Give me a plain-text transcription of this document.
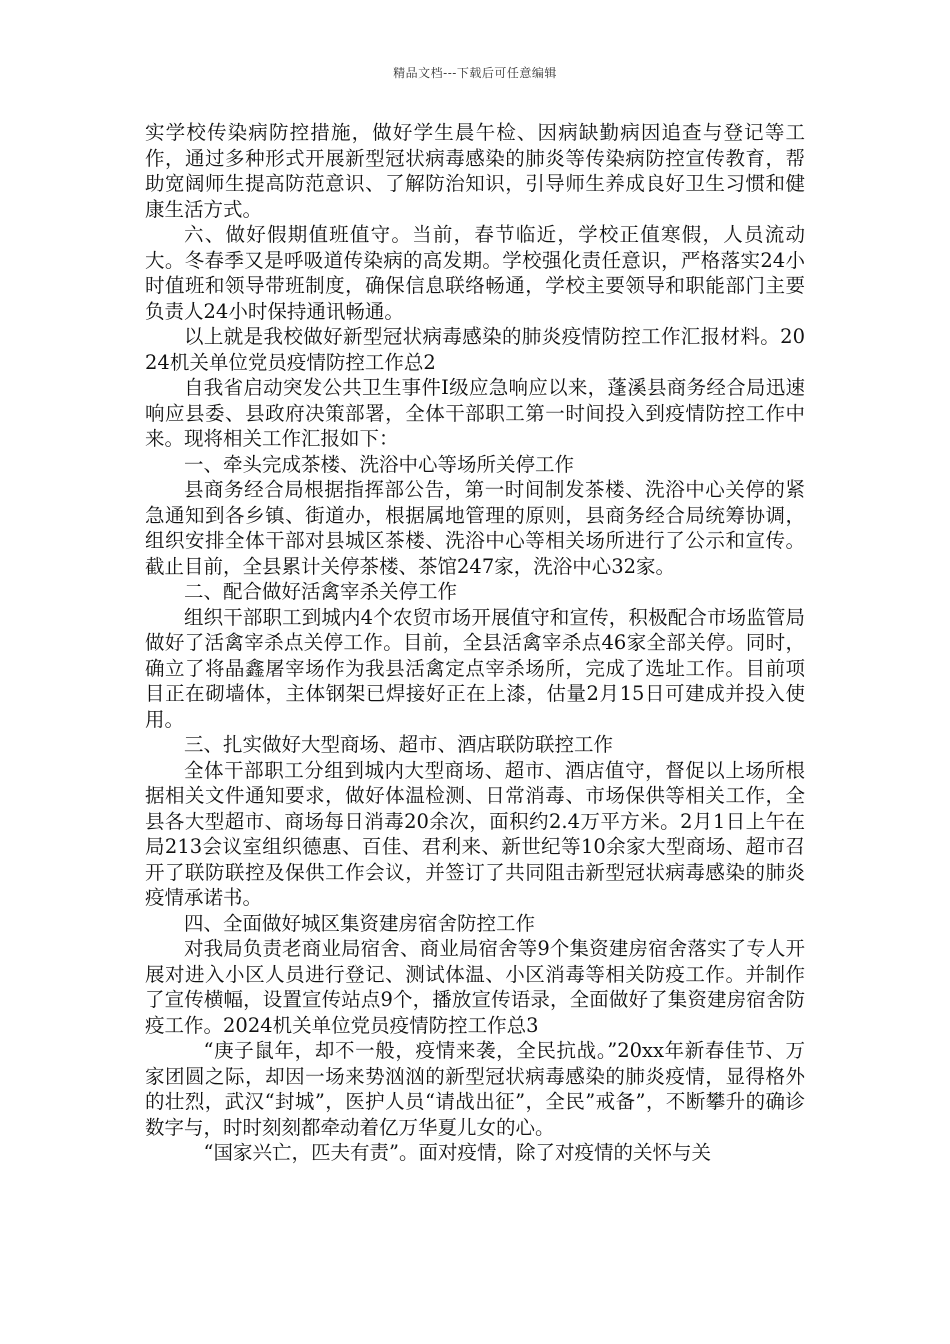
精品文档---下载后可任意编辑

实学校传染病防控措施，做好学生晨午检、因病缺勤病因追查与登记等工作，通过多种形式开展新型冠状病毒感染的肺炎等传染病防控宣传教育，帮助宽阔师生提高防范意识、了解防治知识，引导师生养成良好卫生习惯和健康生活方式。

六、做好假期值班值守。当前，春节临近，学校正值寒假，人员流动大。冬春季又是呼吸道传染病的高发期。学校强化责任意识，严格落实24小时值班和领导带班制度，确保信息联络畅通，学校主要领导和职能部门主要负责人24小时保持通讯畅通。

以上就是我校做好新型冠状病毒感染的肺炎疫情防控工作汇报材料。2024机关单位党员疫情防控工作总2

自我省启动突发公共卫生事件Ⅰ级应急响应以来，蓬溪县商务经合局迅速响应县委、县政府决策部署，全体干部职工第一时间投入到疫情防控工作中来。现将相关工作汇报如下：

一、牵头完成茶楼、洗浴中心等场所关停工作

县商务经合局根据指挥部公告，第一时间制发茶楼、洗浴中心关停的紧急通知到各乡镇、街道办，根据属地管理的原则，县商务经合局统筹协调，组织安排全体干部对县城区茶楼、洗浴中心等相关场所进行了公示和宣传。截止目前，全县累计关停茶楼、茶馆247家，洗浴中心32家。

二、配合做好活禽宰杀关停工作

组织干部职工到城内4个农贸市场开展值守和宣传，积极配合市场监管局做好了活禽宰杀点关停工作。目前，全县活禽宰杀点46家全部关停。同时，确立了将晶鑫屠宰场作为我县活禽定点宰杀场所，完成了选址工作。目前项目正在砌墙体，主体钢架已焊接好正在上漆，估量2月15日可建成并投入使用。

三、扎实做好大型商场、超市、酒店联防联控工作

全体干部职工分组到城内大型商场、超市、酒店值守，督促以上场所根据相关文件通知要求，做好体温检测、日常消毒、市场保供等相关工作，全县各大型超市、商场每日消毒20余次，面积约2.4万平方米。2月1日上午在局213会议室组织德惠、百佳、君利来、新世纪等10余家大型商场、超市召开了联防联控及保供工作会议，并签订了共同阻击新型冠状病毒感染的肺炎疫情承诺书。

四、全面做好城区集资建房宿舍防控工作

对我局负责老商业局宿舍、商业局宿舍等9个集资建房宿舍落实了专人开展对进入小区人员进行登记、测试体温、小区消毒等相关防疫工作。并制作了宣传横幅，设置宣传站点9个，播放宣传语录，全面做好了集资建房宿舍防疫工作。2024机关单位党员疫情防控工作总3

“庚子鼠年，却不一般，疫情来袭，全民抗战。”20xx年新春佳节、万家团圆之际，却因一场来势汹汹的新型冠状病毒感染的肺炎疫情，显得格外的壮烈，武汉“封城”，医护人员“请战出征”，全民”戒备”，不断攀升的确诊数字与，时时刻刻都牵动着亿万华夏儿女的心。

“国家兴亡，匹夫有责”。面对疫情，除了对疫情的关怀与关
